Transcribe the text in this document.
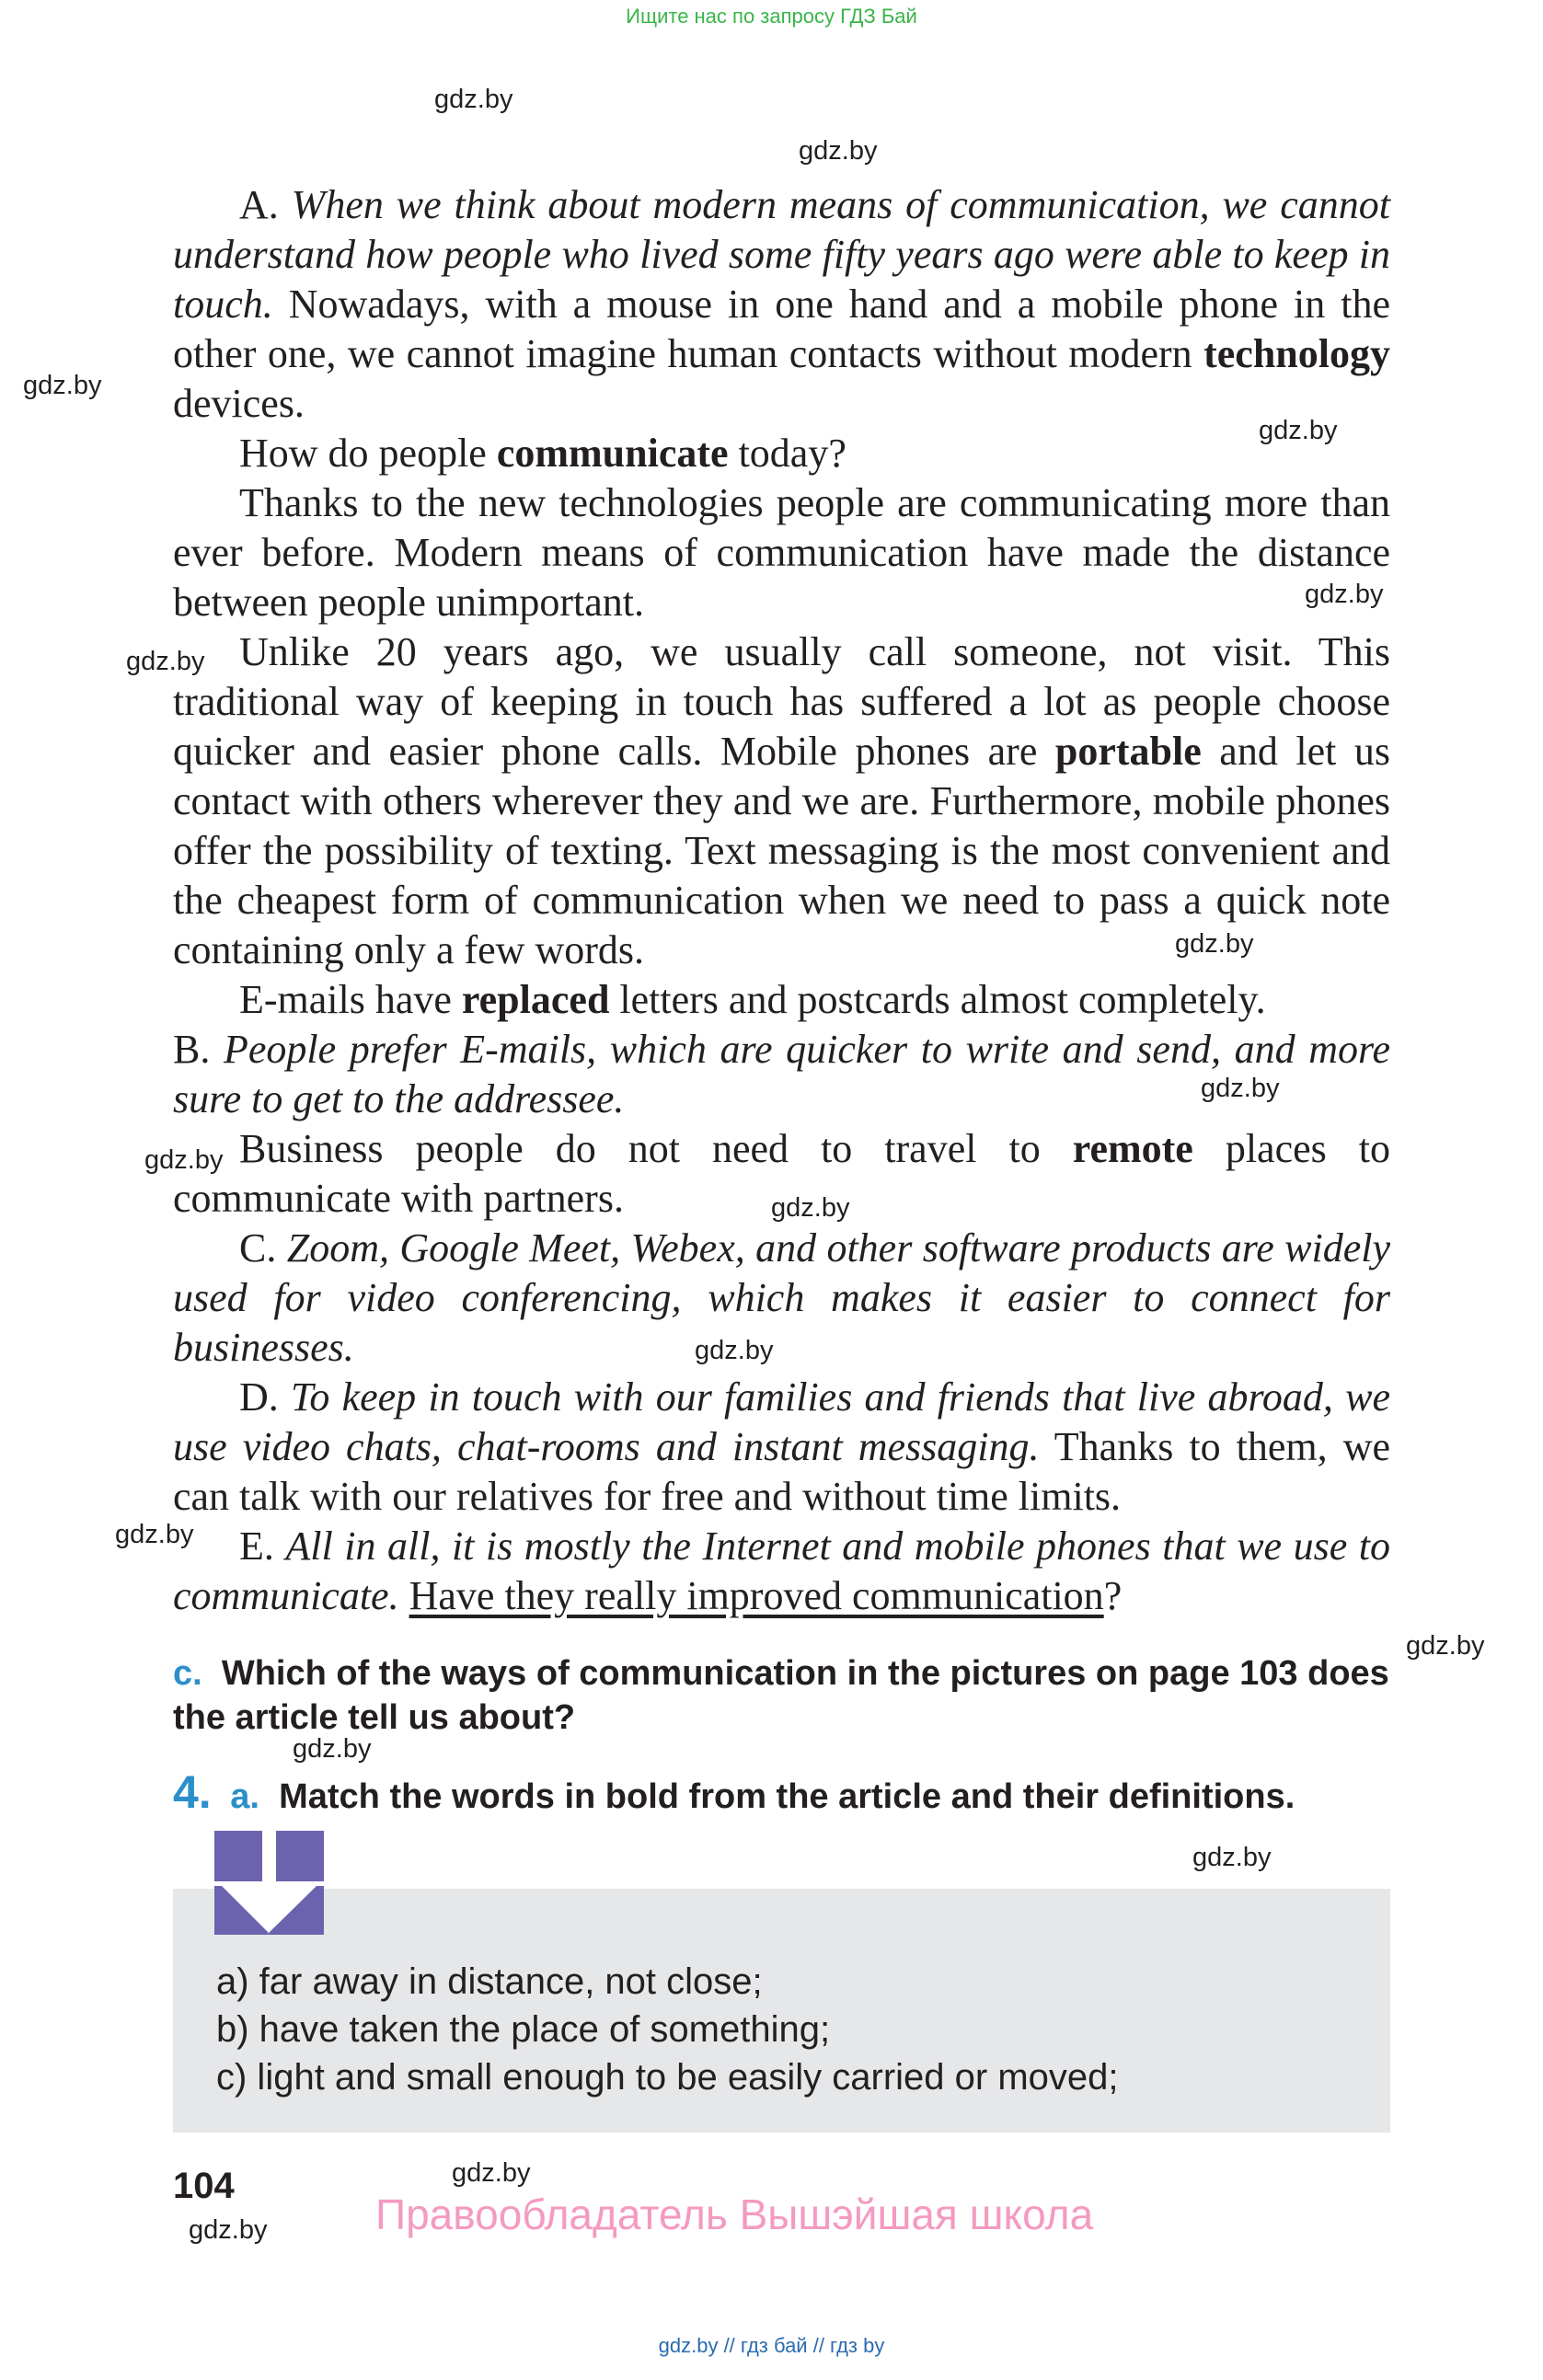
Ищите нас по запросу ГДЗ Бай
gdz.by
gdz.by
gdz.by
gdz.by
gdz.by
gdz.by
gdz.by
gdz.by
gdz.by
gdz.by
gdz.by
gdz.by
gdz.by
gdz.by
gdz.by
gdz.by
gdz.by

A. When we think about modern means of communication, we cannot understand how people who lived some fifty years ago were able to keep in touch. Nowadays, with a mouse in one hand and a mobile phone in the other one, we cannot imagine human contacts without modern technology devices.

How do people communicate today?

Thanks to the new technologies people are communicating more than ever before. Modern means of communication have made the distance between people unimportant.

Unlike 20 years ago, we usually call someone, not visit. This traditional way of keeping in touch has suffered a lot as people choose quicker and easier phone calls. Mobile phones are portable and let us contact with others wherever they and we are. Furthermore, mobile phones offer the possibility of texting. Text messaging is the most convenient and the cheapest form of communication when we need to pass a quick note containing only a few words.

E-mails have replaced letters and postcards almost completely.

B. People prefer E-mails, which are quicker to write and send, and more sure to get to the addressee.

Business people do not need to travel to remote places to communicate with partners.

C. Zoom, Google Meet, Webex, and other software products are widely used for video conferencing, which makes it easier to connect for businesses.

D. To keep in touch with our families and friends that live abroad, we use video chats, chat-rooms and instant messaging. Thanks to them, we can talk with our relatives for free and without time limits.

E. All in all, it is mostly the Internet and mobile phones that we use to communicate. Have they really improved communication?

c. Which of the ways of communication in the pictures on page 103 does the article tell us about?
4. a. Match the words in bold from the article and their definitions.
a) far away in distance, not close;
b) have taken the place of something;
c) light and small enough to be easily carried or moved;
104
Правообладатель Вышэйшая школа
gdz.by // гдз бай // гдз by
